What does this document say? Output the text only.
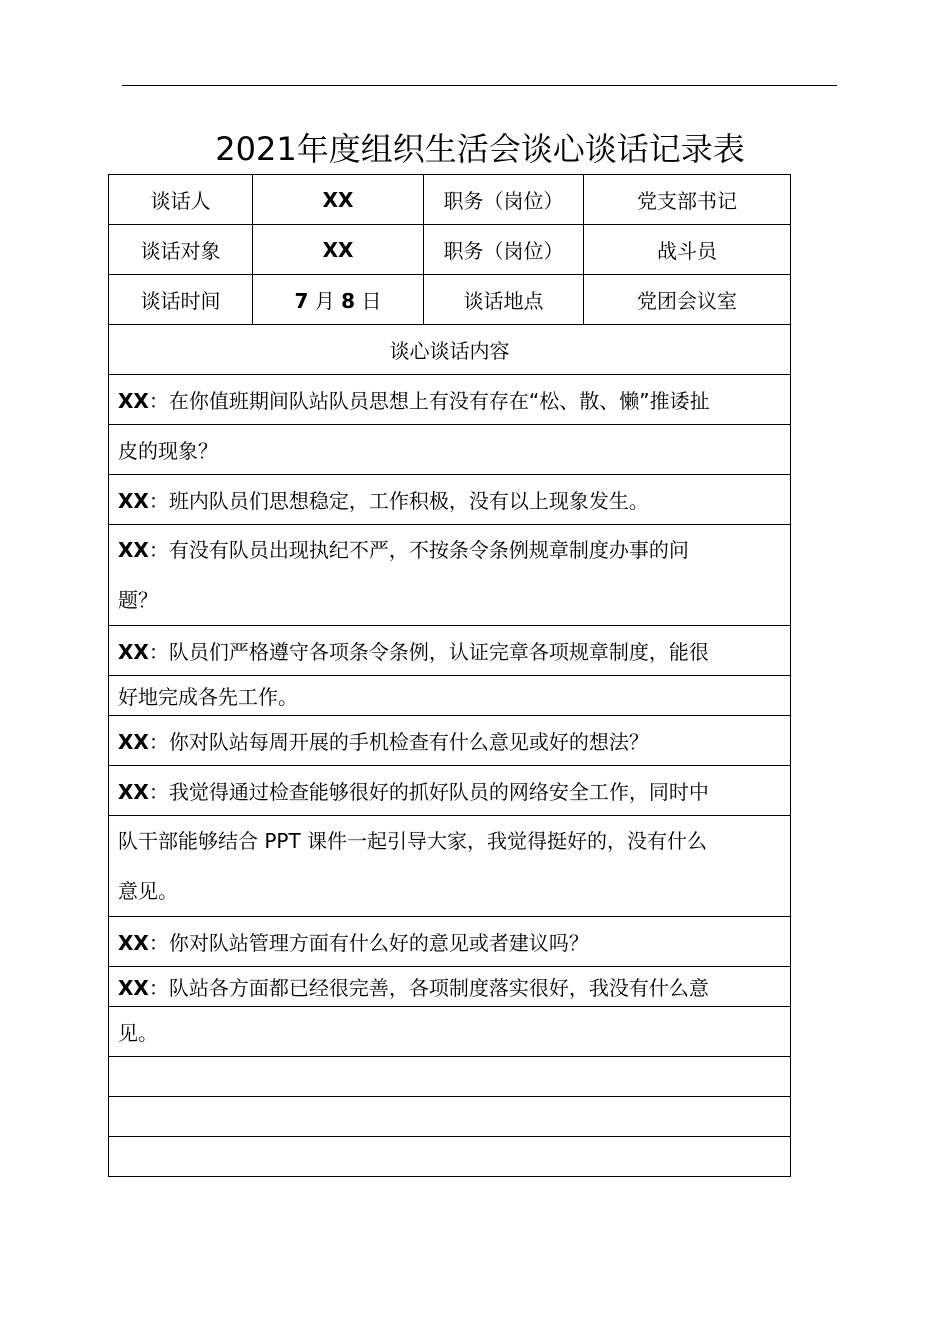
2021年度组织生活会谈心谈话记录表
谈话人	XX	职务（岗位）	党支部书记
谈话对象	XX	职务（岗位）	战斗员
谈话时间	7 月 8 日	谈话地点	党团会议室
谈心谈话内容			
XX：在你值班期间队站队员思想上有没有存在“松、散、懒”推诿扯			
皮的现象？			
XX：班内队员们思想稳定，工作积极，没有以上现象发生。			
XX：有没有队员出现执纪不严，不按条令条例规章制度办事的问
题？			
XX：队员们严格遵守各项条令条例，认证完章各项规章制度，能很			
好地完成各先工作。			
XX：你对队站每周开展的手机检查有什么意见或好的想法？			
XX：我觉得通过检查能够很好的抓好队员的网络安全工作，同时中			
队干部能够结合 PPT 课件一起引导大家，我觉得挺好的，没有什么
意见。			
XX：你对队站管理方面有什么好的意见或者建议吗？			
XX：队站各方面都已经很完善，各项制度落实很好，我没有什么意			
见。			
